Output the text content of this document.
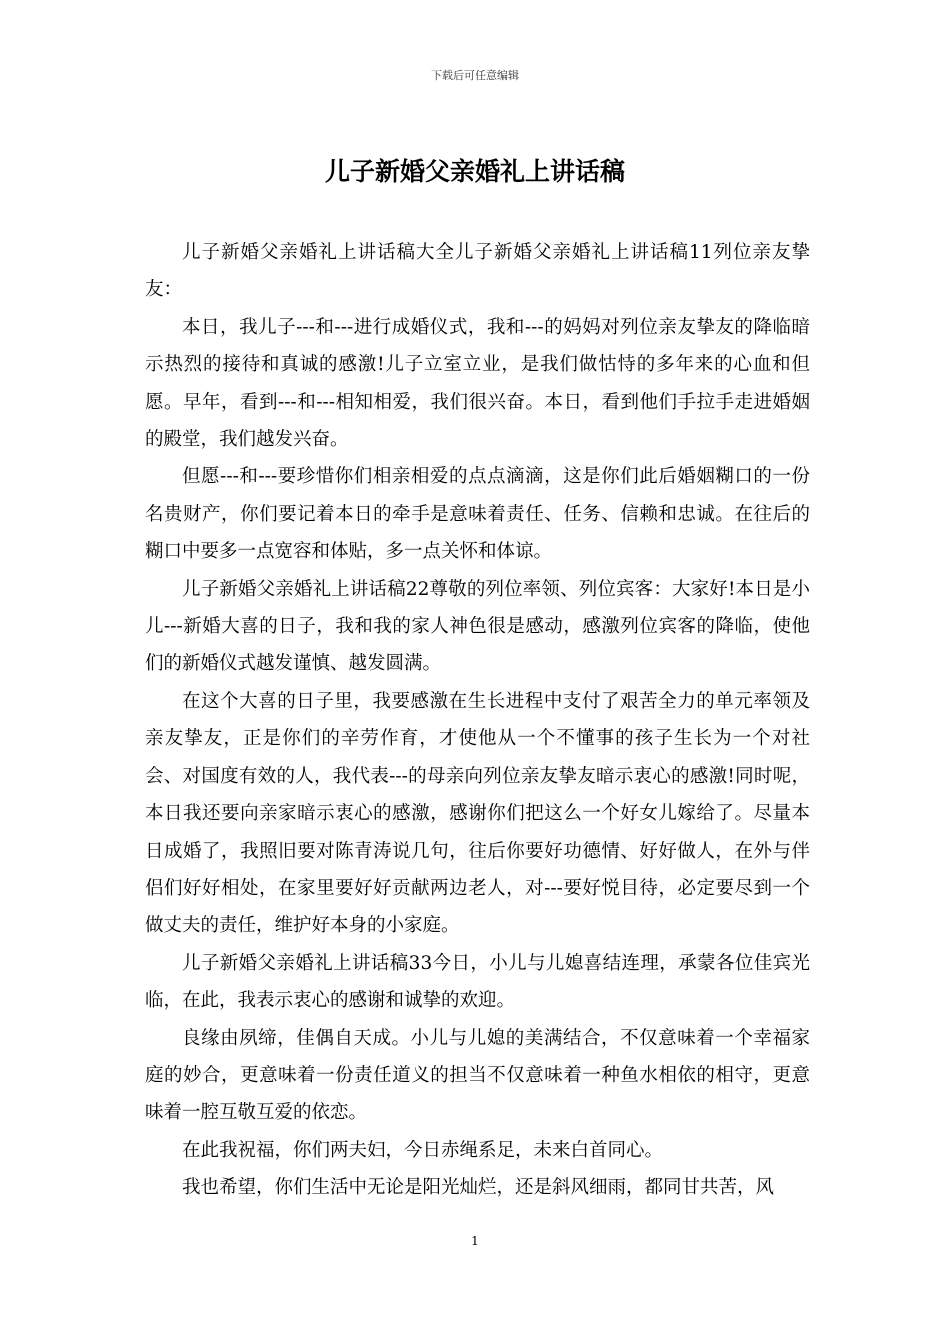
下载后可任意编辑
儿子新婚父亲婚礼上讲话稿

儿子新婚父亲婚礼上讲话稿大全儿子新婚父亲婚礼上讲话稿11列位亲友挚友：

本日，我儿子---和---进行成婚仪式，我和---的妈妈对列位亲友挚友的降临暗示热烈的接待和真诚的感激!儿子立室立业，是我们做怙恃的多年来的心血和但愿。早年，看到---和---相知相爱，我们很兴奋。本日，看到他们手拉手走进婚姻的殿堂，我们越发兴奋。

但愿---和---要珍惜你们相亲相爱的点点滴滴，这是你们此后婚姻糊口的一份名贵财产，你们要记着本日的牵手是意味着责任、任务、信赖和忠诚。在往后的糊口中要多一点宽容和体贴，多一点关怀和体谅。

儿子新婚父亲婚礼上讲话稿22尊敬的列位率领、列位宾客：大家好!本日是小儿---新婚大喜的日子，我和我的家人神色很是感动，感激列位宾客的降临，使他们的新婚仪式越发谨慎、越发圆满。

在这个大喜的日子里，我要感激在生长进程中支付了艰苦全力的单元率领及亲友挚友，正是你们的辛劳作育，才使他从一个不懂事的孩子生长为一个对社会、对国度有效的人，我代表---的母亲向列位亲友挚友暗示衷心的感激!同时呢，本日我还要向亲家暗示衷心的感激，感谢你们把这么一个好女儿嫁给了。尽量本日成婚了，我照旧要对陈青涛说几句，往后你要好功德情、好好做人，在外与伴侣们好好相处，在家里要好好贡献两边老人，对---要好悦目待，必定要尽到一个做丈夫的责任，维护好本身的小家庭。

儿子新婚父亲婚礼上讲话稿33今日，小儿与儿媳喜结连理，承蒙各位佳宾光临，在此，我表示衷心的感谢和诚挚的欢迎。

良缘由夙缔，佳偶自天成。小儿与儿媳的美满结合，不仅意味着一个幸福家庭的妙合，更意味着一份责任道义的担当不仅意味着一种鱼水相依的相守，更意味着一腔互敬互爱的依恋。

在此我祝福，你们两夫妇，今日赤绳系足，未来白首同心。

我也希望，你们生活中无论是阳光灿烂，还是斜风细雨，都同甘共苦，风

1
